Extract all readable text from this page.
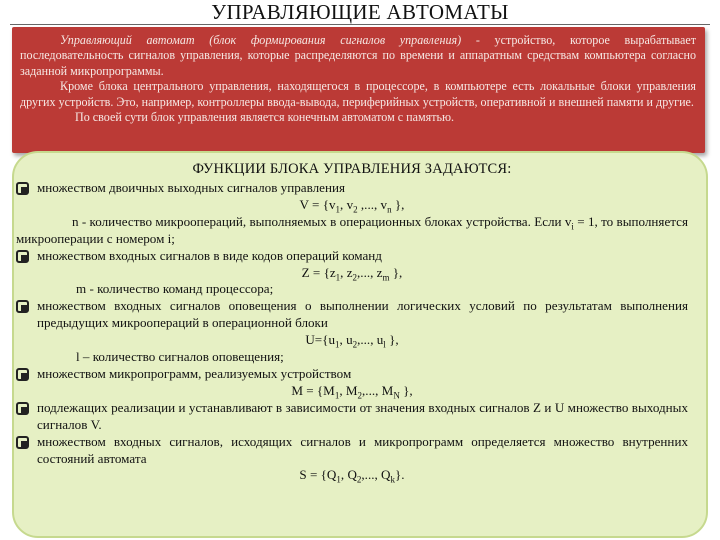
УПРАВЛЯЮЩИЕ АВТОМАТЫ

Управляющий автомат (блок формирования сигналов управления) - устройство, которое вырабатывает последовательность сигналов управления, которые распределяются по времени и аппаратным средствам компьютера согласно заданной микропрограммы.

Кроме блока центрального управления, находящегося в процессоре, в компьютере есть локальные блоки управления других устройств. Это, например, контроллеры ввода-вывода, периферийных устройств, оперативной и внешней памяти и другие.

По своей сути блок управления является конечным автоматом с памятью.

ФУНКЦИИ БЛОКА УПРАВЛЕНИЯ ЗАДАЮТСЯ:
множеством двоичных выходных сигналов управления
$V = \{v_1$, $v_2$ ,..., $v_n$ },
n - количество микроопераций, выполняемых в операционных блоках устройства. Если $v_i = 1$, то выполняется микрооперации с номером i;
множеством входных сигналов в виде кодов операций команд
$Z = \{z_1$, $z_2$,..., $z_m$ },
m - количество команд процессора;
множеством входных сигналов оповещения о выполнении логических условий по результатам выполнения предыдущих микроопераций в операционной блоки
$U=\{u_1$, $u_2$,..., $u_l$ },
l – количество сигналов оповещения;
множеством микропрограмм, реализуемых устройством
$M = \{M_1$, $M_2$,..., $M_N$ },
подлежащих реализации и устанавливают в зависимости от значения входных сигналов Z и U множество выходных сигналов V.
множеством входных сигналов, исходящих сигналов и микропрограмм определяется множество внутренних состояний автомата
$S = \{Q_1$, $Q_2$,..., $Q_k$}.
